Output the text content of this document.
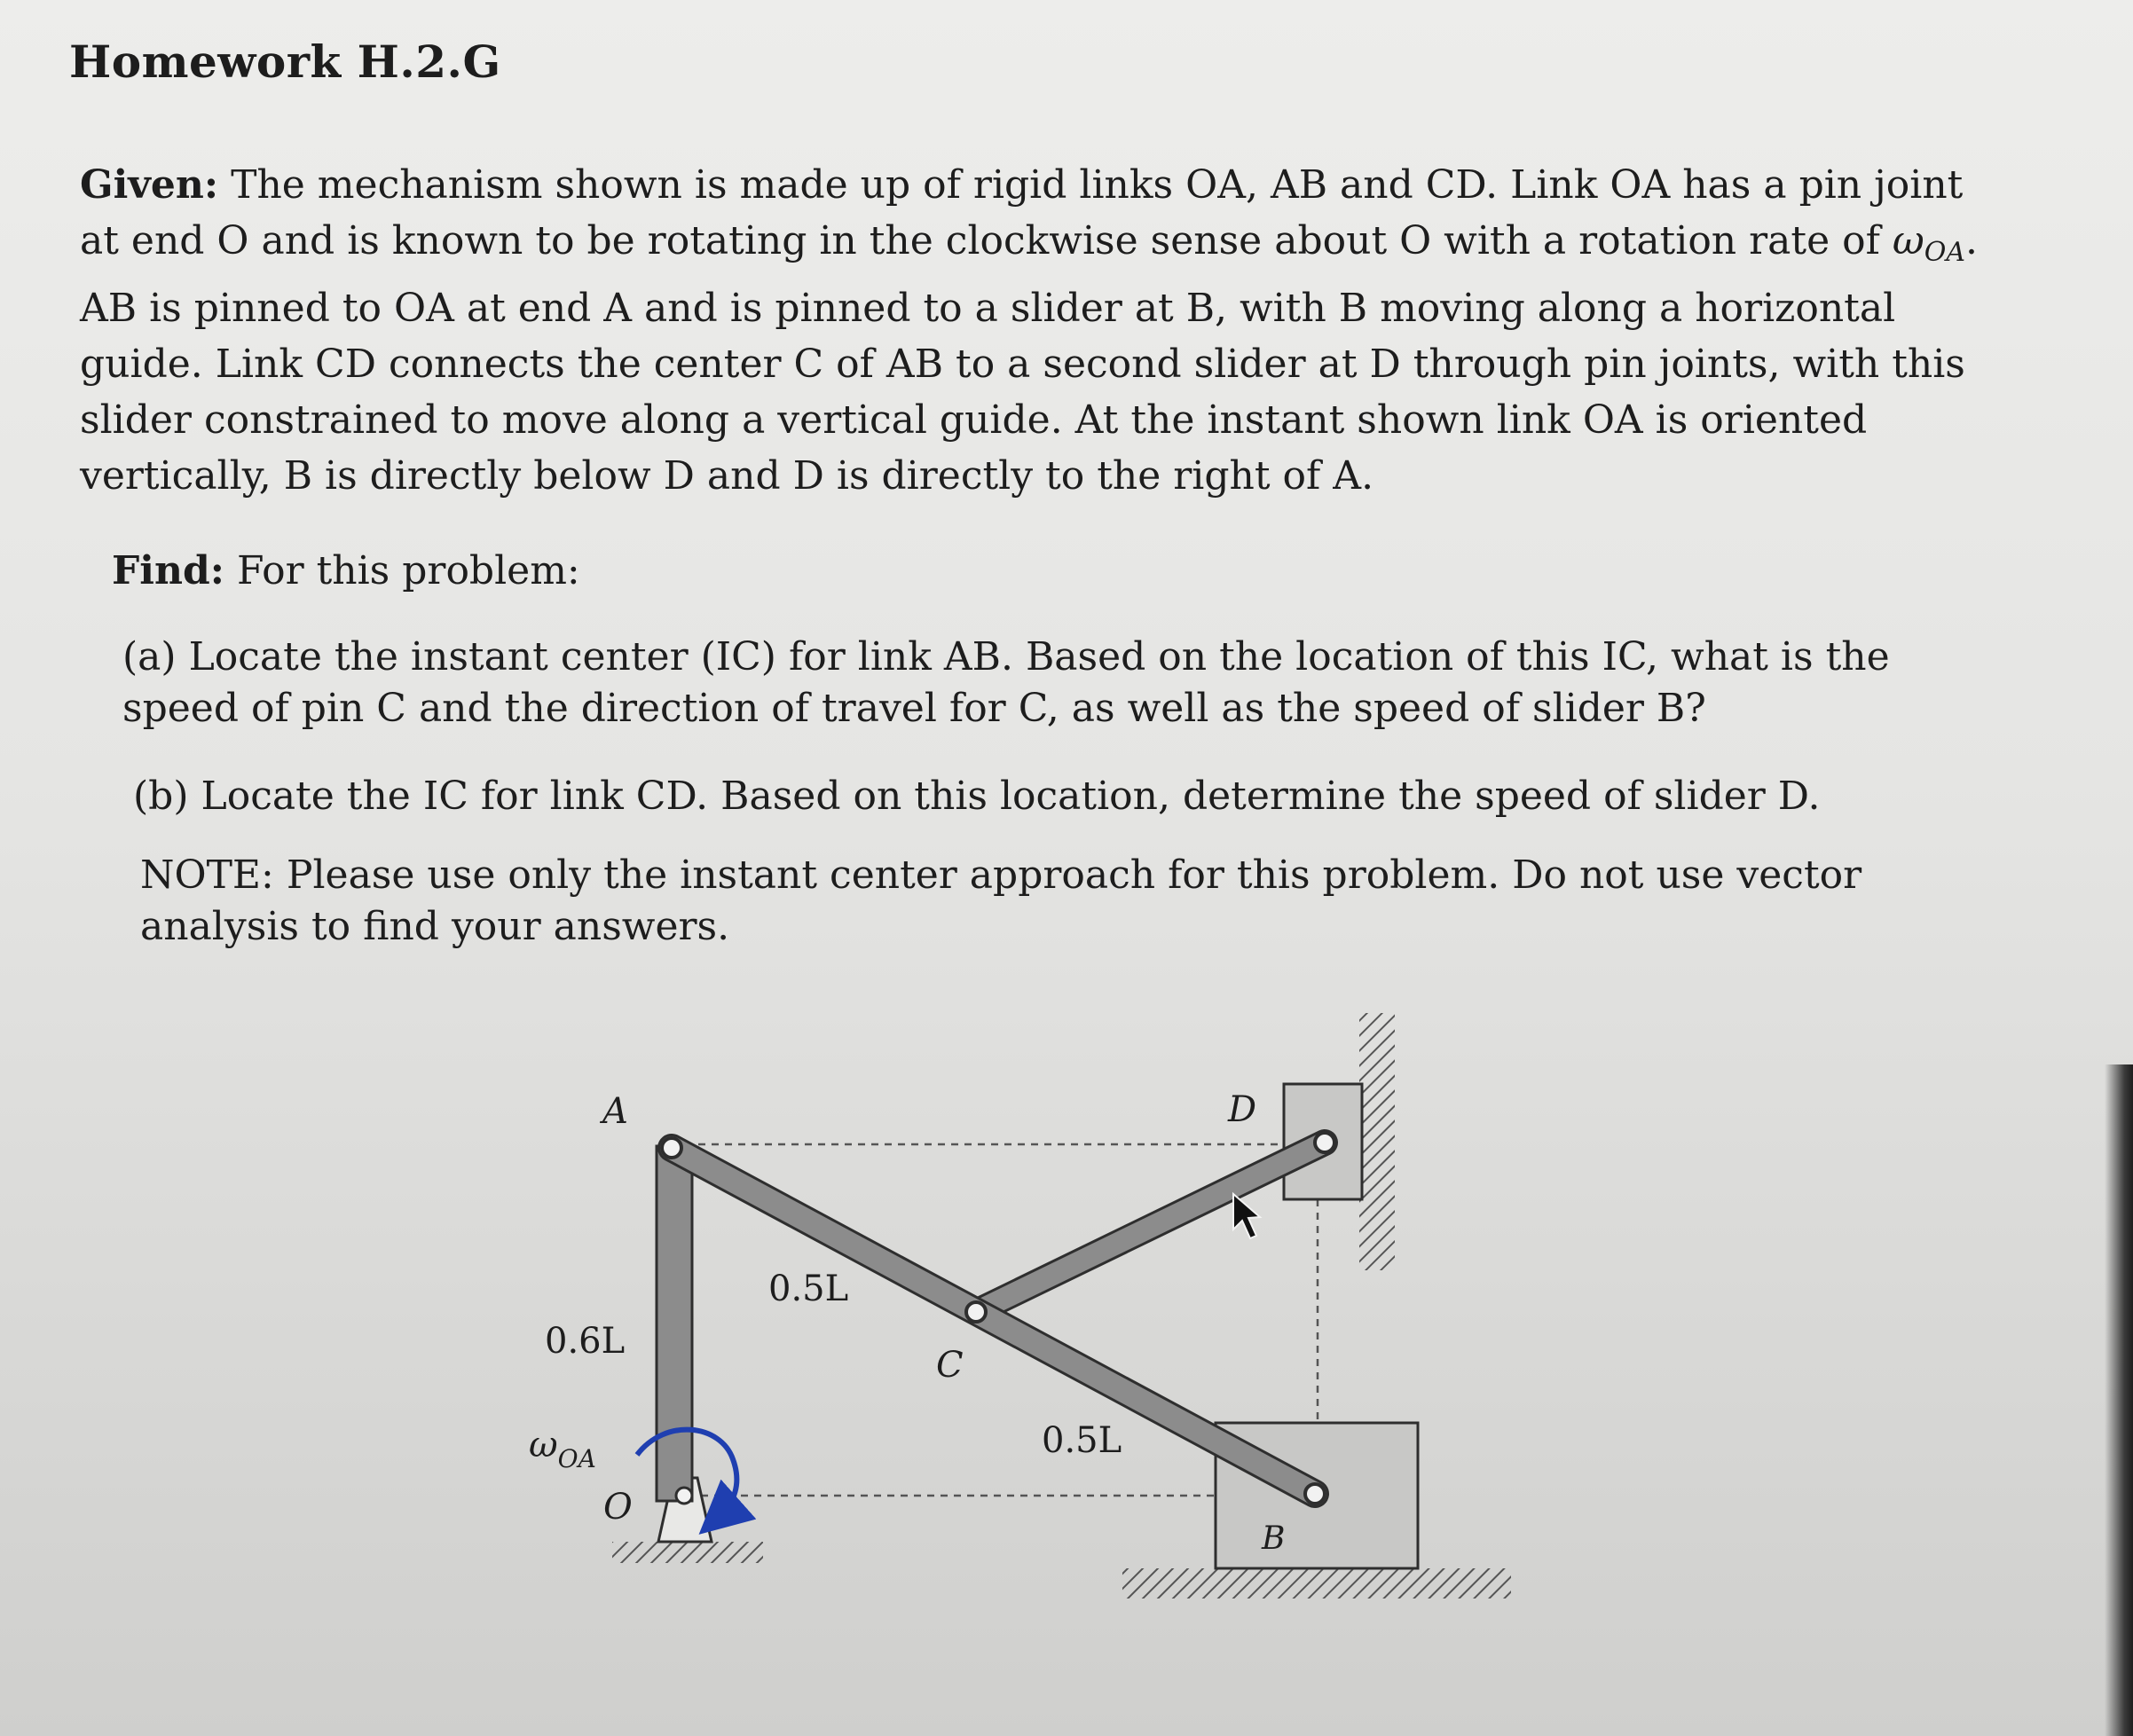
Homework H.2.G

Given: The mechanism shown is made up of rigid links OA, AB and CD. Link OA has a pin joint at end O and is known to be rotating in the clockwise sense about O with a rotation rate of $\omega_{OA}$. AB is pinned to OA at end A and is pinned to a slider at B, with B moving along a horizontal guide. Link CD connects the center C of AB to a second slider at D through pin joints, with this slider constrained to move along a vertical guide. At the instant shown link OA is oriented vertically, B is directly below D and D is directly to the right of A.

Find: For this problem:

(a) Locate the instant center (IC) for link AB. Based on the location of this IC, what is the speed of pin C and the direction of travel for C, as well as the speed of slider B?

(b) Locate the IC for link CD. Based on this location, determine the speed of slider D.

NOTE: Please use only the instant center approach for this problem. Do not use vector analysis to find your answers.

A	D
C
O
B
0.5L
0.5L
0.6L
$\omega_{OA}$
